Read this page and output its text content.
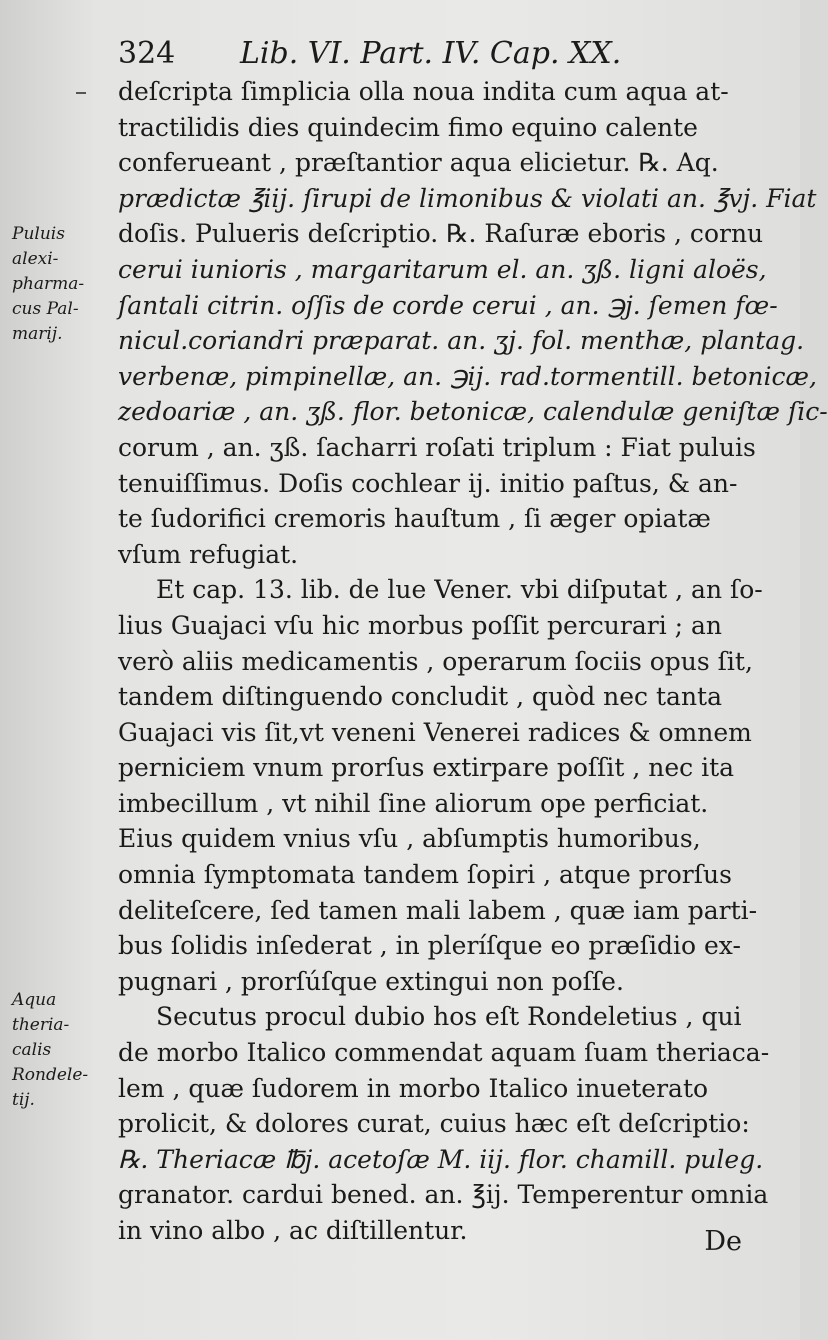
324 Lib. VI. Part. IV. Cap. XX.
deſcripta ſimplicia olla noua indita cum aqua at-
tractilidis dies quindecim fimo equino calente
conferueant , præſtantior aqua elicietur. ℞. Aq.
prædictæ ℥iij. ſirupi de limonibus & violati an. ℥vj. Fiat
doſis. Pulueris deſcriptio. ℞. Raſuræ eboris , cornu
cerui iunioris , margaritarum el. an. ʒß. ligni aloës,
ſantali citrin. oſſis de corde cerui , an. ℈j. ſemen fœ-
nicul.coriandri præparat. an. ʒj. fol. menthæ, plantag.
verbenæ, pimpinellæ, an. ℈ij. rad.tormentill. betonicæ,
zedoariæ , an. ʒß. flor. betonicæ, calendulæ geniſtæ ſic-
corum , an. ʒß. ſacharri roſati triplum : Fiat puluis
tenuiſſimus. Doſis cochlear ij. initio paſtus, & an-
te ſudorifici cremoris hauſtum , ſi æger opiatæ
vſum refugiat.
Et cap. 13. lib. de lue Vener. vbi diſputat , an ſo-
lius Guajaci vſu hic morbus poſſit percurari ; an
verò aliis medicamentis , operarum ſociis opus ſit,
tandem diſtinguendo concludit , quòd nec tanta
Guajaci vis ſit,vt veneni Venerei radices & omnem
perniciem vnum prorſus extirpare poſſit , nec ita
imbecillum , vt nihil ſine aliorum ope perficiat.
Eius quidem vnius vſu , abſumptis humoribus,
omnia ſymptomata tandem ſopiri , atque prorſus
deliteſcere, ſed tamen mali labem , quæ iam parti-
bus ſolidis inſederat , in pleríſque eo præſidio ex-
pugnari , prorſúſque extingui non poſſe.
Secutus procul dubio hos eſt Rondeletius , qui
de morbo Italico commendat aquam ſuam theriaca-
lem , quæ ſudorem in morbo Italico inueterato
prolicit, & dolores curat, cuius hæc eſt deſcriptio:
℞. Theriacæ ℔j. acetoſæ M. iij. flor. chamill. puleg.
granator. cardui bened. an. ℥ij. Temperentur omnia
in vino albo , ac diſtillentur.
Puluis
alexi-
pharma-
cus Pal-
marij.
Aqua
theria-
calis
Rondele-
tij.
De
